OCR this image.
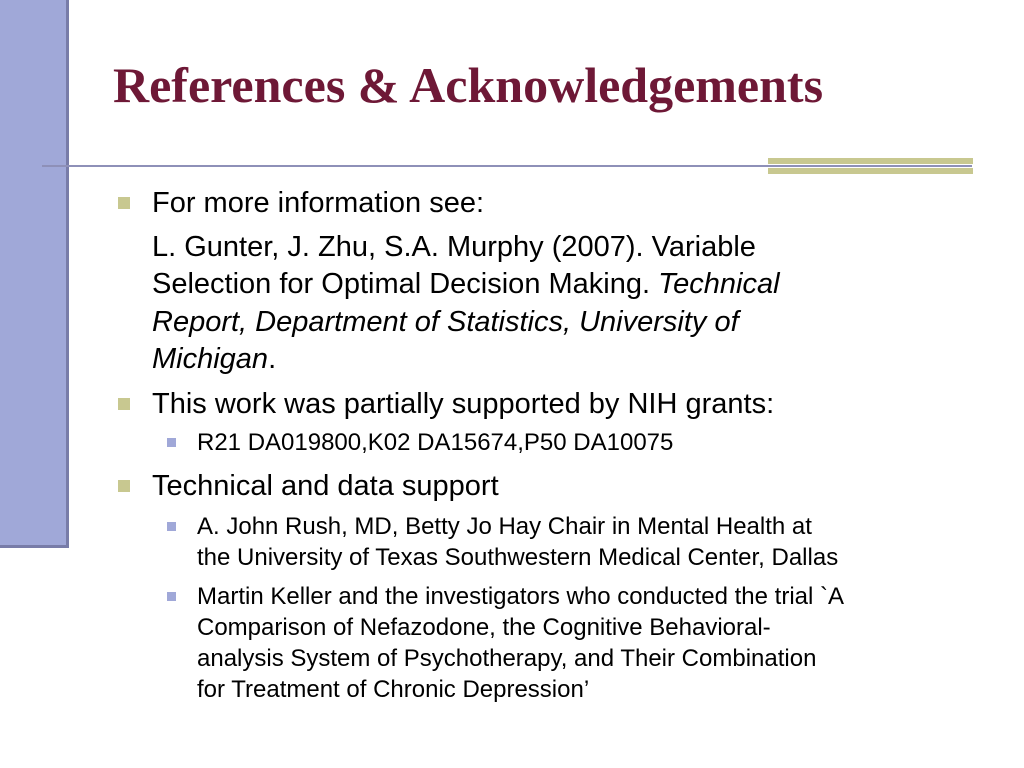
References & Acknowledgements
For more information see:
L. Gunter, J. Zhu, S.A. Murphy (2007). Variable
Selection for Optimal Decision Making. Technical
Report, Department of Statistics, University of
Michigan.
This work was partially supported by NIH grants:
R21 DA019800,K02 DA15674,P50 DA10075
Technical and data support
A. John Rush, MD, Betty Jo Hay Chair in Mental Health at
the University of Texas Southwestern Medical Center, Dallas
Martin Keller and the investigators who conducted the trial `A
Comparison of Nefazodone, the Cognitive Behavioral-
analysis System of Psychotherapy, and Their Combination
for Treatment of Chronic Depression’
